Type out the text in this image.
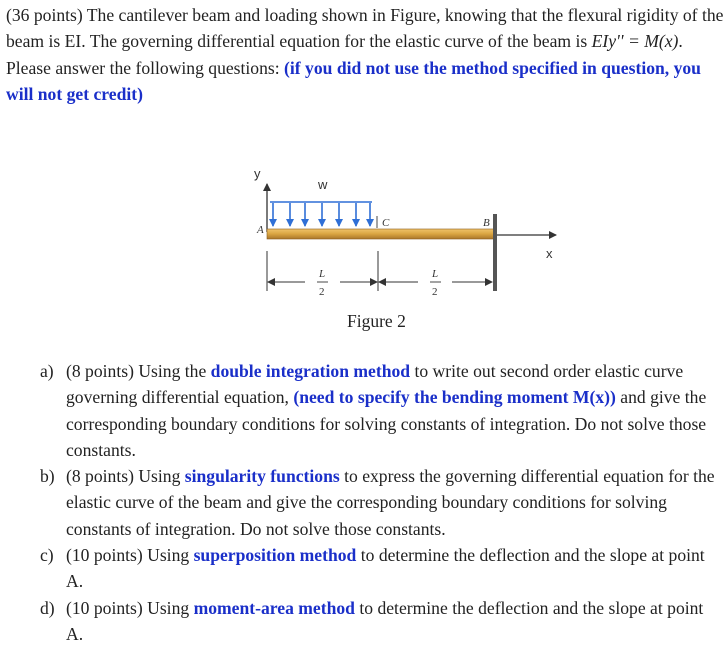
(36 points) The cantilever beam and loading shown in Figure, knowing that the flexural rigidity of the beam is EI. The governing differential equation for the elastic curve of the beam is EIy'' = M(x). Please answer the following questions: (if you did not use the method specified in question, you will not get credit)
y
x
w
A
C	B
L
2
L
2
Figure 2
a) (8 points) Using the double integration method to write out second order elastic curve governing differential equation, (need to specify the bending moment M(x)) and give the corresponding boundary conditions for solving constants of integration. Do not solve those constants.
b) (8 points) Using singularity functions to express the governing differential equation for the elastic curve of the beam and give the corresponding boundary conditions for solving constants of integration. Do not solve those constants.
c) (10 points) Using superposition method to determine the deflection and the slope at point A.
d) (10 points) Using moment-area method to determine the deflection and the slope at point A.
